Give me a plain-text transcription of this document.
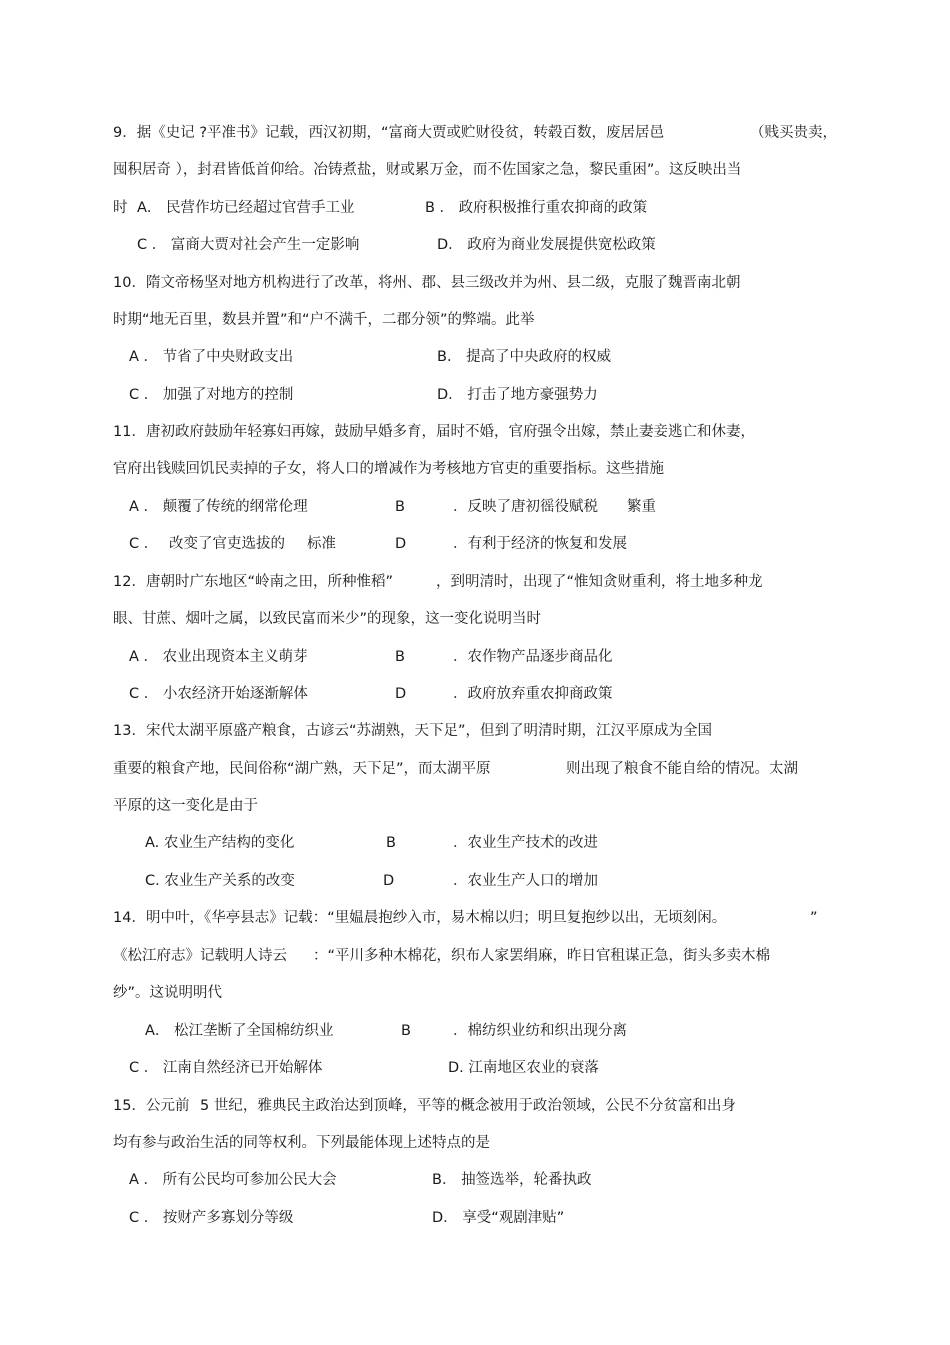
9．据《史记 ?平准书》记载，西汉初期，“富商大贾或贮财役贫，转毂百数，废居居邑	（贱买贵卖，
囤积居奇 ），封君皆低首仰给。冶铸煮盐，财或累万金，而不佐国家之急，黎民重困”。这反映出当
时 A． 民营作坊已经超过官营手工业	B ． 政府积极推行重农抑商的政策
C ． 富商大贾对社会产生一定影响	D． 政府为商业发展提供宽松政策
10．隋文帝杨坚对地方机构进行了改革，将州、郡、县三级改并为州、县二级，克服了魏晋南北朝
时期“地无百里，数县并置”和“户不满千，二郡分领”的弊端。此举
A ． 节省了中央财政支出	B． 提高了中央政府的权威
C ． 加强了对地方的控制	D． 打击了地方豪强势力
11．唐初政府鼓励年轻寡妇再嫁，鼓励早婚多育，届时不婚，官府强令出嫁，禁止妻妾逃亡和休妻，
官府出钱赎回饥民卖掉的子女，将人口的增减作为考核地方官吏的重要指标。这些措施
A ． 颠覆了传统的纲常伦理	B	．反映了唐初徭役赋税 繁重
C ． 改变了官吏选拔的 标准	D	．有利于经济的恢复和发展
12．唐朝时广东地区“岭南之田，所种惟稻”	，到明清时，出现了“惟知贪财重利，将土地多种龙
眼、甘蔗、烟叶之属，以致民富而米少”的现象，这一变化说明当时
A ． 农业出现资本主义萌芽	B	．农作物产品逐步商品化
C ． 小农经济开始逐渐解体	D	．政府放弃重农抑商政策
13．宋代太湖平原盛产粮食，古谚云“苏湖熟，天下足”，但到了明清时期，江汉平原成为全国
重要的粮食产地，民间俗称“湖广熟，天下足”，而太湖平原	则出现了粮食不能自给的情况。太湖
平原的这一变化是由于
A. 农业生产结构的变化	B	．农业生产技术的改进
C. 农业生产关系的改变	D	．农业生产人口的增加
14．明中叶，《华亭县志》记载：“里媪晨抱纱入市，易木棉以归；明旦复抱纱以出，无顷刻闲。	”
《松江府志》记载明人诗云 ：“平川多种木棉花，织布人家罢绢麻，昨日官租谋正急，街头多卖木棉
纱”。这说明明代
A． 松江垄断了全国棉纺织业	B	．棉纺织业纺和织出现分离
C ． 江南自然经济已开始解体	D. 江南地区农业的衰落
15．公元前 5 世纪，雅典民主政治达到顶峰，平等的概念被用于政治领域，公民不分贫富和出身
均有参与政治生活的同等权利。下列最能体现上述特点的是
A ． 所有公民均可参加公民大会	B． 抽签选举，轮番执政
C ． 按财产多寡划分等级	D． 享受“观剧津贴”
